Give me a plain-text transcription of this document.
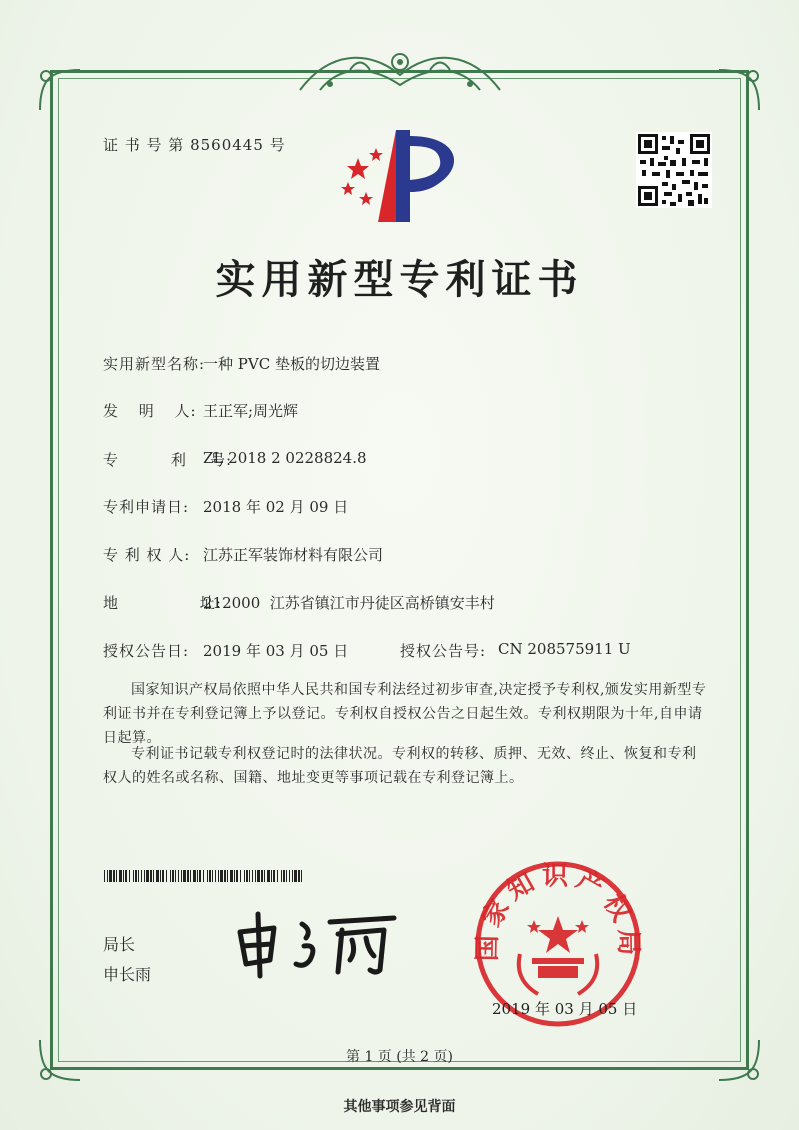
证 书 号 第 8560445 号
实用新型专利证书
实用新型名称:
一种 PVC 垫板的切边装置
发 明 人: 王正军;周光辉
专         利    号:
ZL 2018 2 0228824.8
专利申请日: 2018 年 02 月 09 日
专 利 权 人: 江苏正军装饰材料有限公司
地              址:
212000  江苏省镇江市丹徒区高桥镇安丰村
授权公告日: 2019 年 03 月 05 日	授权公告号: CN 208575911 U
国家知识产权局依照中华人民共和国专利法经过初步审查,决定授予专利权,颁发实用新型专利证书并在专利登记簿上予以登记。专利权自授权公告之日起生效。专利权期限为十年,自申请日起算。
专利证书记载专利权登记时的法律状况。专利权的转移、质押、无效、终止、恢复和专利权人的姓名或名称、国籍、地址变更等事项记载在专利登记簿上。
局长
申长雨
国家知识产权局
2019 年 03 月 05 日
第 1 页 (共 2 页)
其他事项参见背面
